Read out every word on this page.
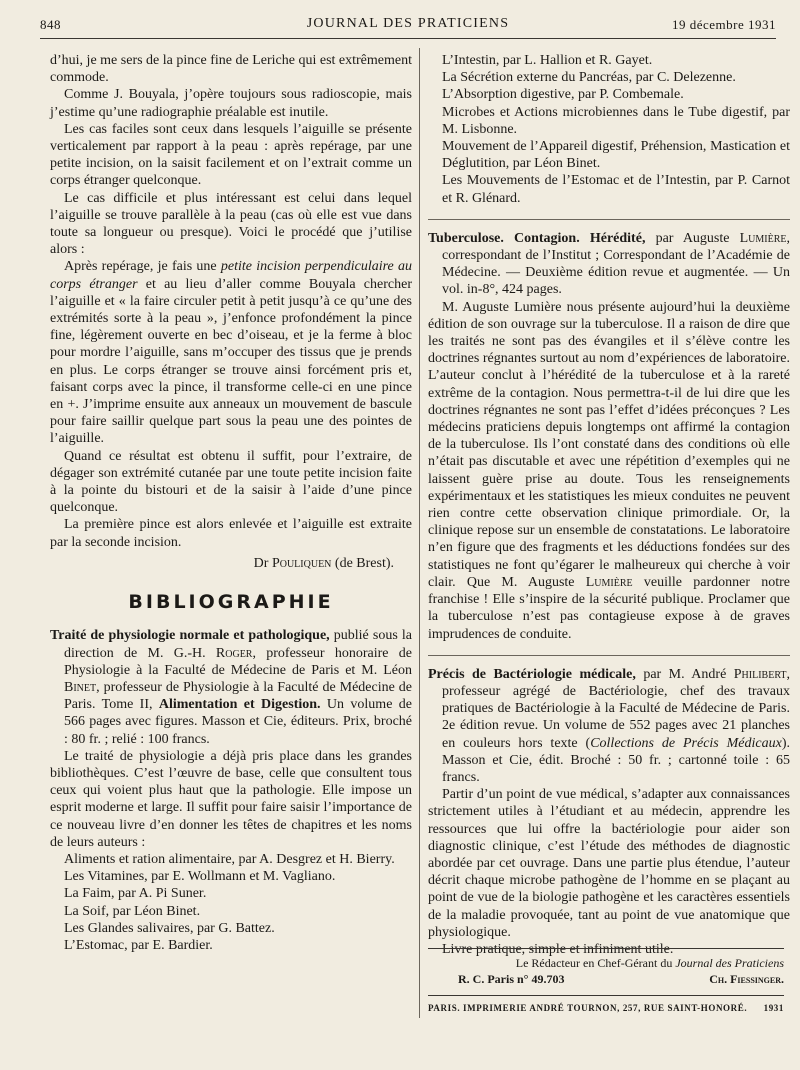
848	JOURNAL DES PRATICIENS	19 décembre 1931

d’hui, je me sers de la pince fine de Leriche qui est extrêmement commode.

Comme J. Bouyala, j’opère toujours sous radioscopie, mais j’estime qu’une radiographie préalable est inutile.

Les cas faciles sont ceux dans lesquels l’aiguille se présente verticalement par rapport à la peau : après repérage, par une petite incision, on la saisit facilement et on l’extrait comme un corps étranger quelconque.

Le cas difficile et plus intéressant est celui dans lequel l’aiguille se trouve parallèle à la peau (cas où elle est vue dans toute sa longueur ou presque). Voici le procédé que j’utilise alors :

Après repérage, je fais une petite incision perpendiculaire au corps étranger et au lieu d’aller comme Bouyala chercher l’aiguille et « la faire circuler petit à petit jusqu’à ce qu’une des extrémités sorte à la peau », j’enfonce profondément la pince fine, légèrement ouverte en bec d’oiseau, et je la ferme à bloc pour mordre l’aiguille, sans m’occuper des tissus que je prends en plus. Le corps étranger se trouve ainsi forcément pris et, faisant corps avec la pince, il transforme celle-ci en une pince en +. J’imprime ensuite aux anneaux un mouvement de bascule pour faire saillir quelque part sous la peau une des pointes de l’aiguille.

Quand ce résultat est obtenu il suffit, pour l’extraire, de dégager son extrémité cutanée par une toute petite incision faite à la pointe du bistouri et de la saisir à l’aide d’une pince quelconque.

La première pince est alors enlevée et l’aiguille est extraite par la seconde incision.

Dr Pouliquen (de Brest).

BIBLIOGRAPHIE

Traité de physiologie normale et pathologique, publié sous la direction de M. G.-H. Roger, professeur honoraire de Physiologie à la Faculté de Médecine de Paris et M. Léon Binet, professeur de Physiologie à la Faculté de Médecine de Paris. Tome II, Alimentation et Digestion. Un volume de 566 pages avec figures. Masson et Cie, éditeurs. Prix, broché : 80 fr. ; relié : 100 francs.

Le traité de physiologie a déjà pris place dans les grandes bibliothèques. C’est l’œuvre de base, celle que consultent tous ceux qui voient plus haut que la pathologie. Elle impose un esprit moderne et large. Il suffit pour faire saisir l’importance de ce nouveau livre d’en donner les têtes de chapitres et les noms de leurs auteurs :

Aliments et ration alimentaire, par A. Desgrez et H. Bierry.

Les Vitamines, par E. Wollmann et M. Vagliano.

La Faim, par A. Pi Suner.

La Soif, par Léon Binet.

Les Glandes salivaires, par G. Battez.

L’Estomac, par E. Bardier.

L’Intestin, par L. Hallion et R. Gayet.

La Sécrétion externe du Pancréas, par C. Delezenne.

L’Absorption digestive, par P. Combemale.

Microbes et Actions microbiennes dans le Tube digestif, par M. Lisbonne.

Mouvement de l’Appareil digestif, Préhension, Mastication et Déglutition, par Léon Binet.

Les Mouvements de l’Estomac et de l’Intestin, par P. Carnot et R. Glénard.

Tuberculose. Contagion. Hérédité, par Auguste Lumière, correspondant de l’Institut ; Correspondant de l’Académie de Médecine. — Deuxième édition revue et augmentée. — Un vol. in-8°, 424 pages.

M. Auguste Lumière nous présente aujourd’hui la deuxième édition de son ouvrage sur la tuberculose. Il a raison de dire que les traités ne sont pas des évangiles et il s’élève contre les doctrines régnantes surtout au nom d’expériences de laboratoire. L’auteur conclut à l’hérédité de la tuberculose et à la rareté extrême de la contagion. Nous permettra-t-il de lui dire que les doctrines régnantes ne sont pas l’effet d’idées préconçues ? Les médecins praticiens depuis longtemps ont affirmé la contagion de la tuberculose. Ils l’ont constaté dans des conditions où elle n’était pas discutable et avec une répétition d’exemples qui ne laissent guère prise au doute. Tous les renseignements expérimentaux et les statistiques les mieux conduites ne peuvent rien contre cette observation clinique primordiale. Or, la clinique repose sur un ensemble de constatations. Le laboratoire n’en figure que des fragments et les déductions fondées sur des statistiques ne font qu’égarer le malheureux qui cherche à voir clair. Que M. Auguste Lumière veuille pardonner notre franchise ! Elle s’inspire de la sécurité publique. Proclamer que la tuberculose n’est pas contagieuse expose à de graves imprudences de conduite.

Précis de Bactériologie médicale, par M. André Philibert, professeur agrégé de Bactériologie, chef des travaux pratiques de Bactériologie à la Faculté de Médecine de Paris. 2e édition revue. Un volume de 552 pages avec 21 planches en couleurs hors texte (Collections de Précis Médicaux). Masson et Cie, édit. Broché : 50 fr. ; cartonné toile : 65 francs.

Partir d’un point de vue médical, s’adapter aux connaissances strictement utiles à l’étudiant et au médecin, apprendre les ressources que lui offre la bactériologie pour aider son diagnostic clinique, c’est l’étude des méthodes de diagnostic abordée par cet ouvrage. Dans une partie plus étendue, l’auteur décrit chaque microbe pathogène de l’homme en se plaçant au point de vue de la biologie pathogène et les caractères essentiels de la maladie provoquée, tant au point de vue anatomique que physiologique.

Livre pratique, simple et infiniment utile.

Le Rédacteur en Chef-Gérant du Journal des Praticiens
R. C. Paris n° 49.703	Ch. Fiessinger.
PARIS. IMPRIMERIE ANDRÉ TOURNON, 257, RUE SAINT-HONORÉ. 1931
